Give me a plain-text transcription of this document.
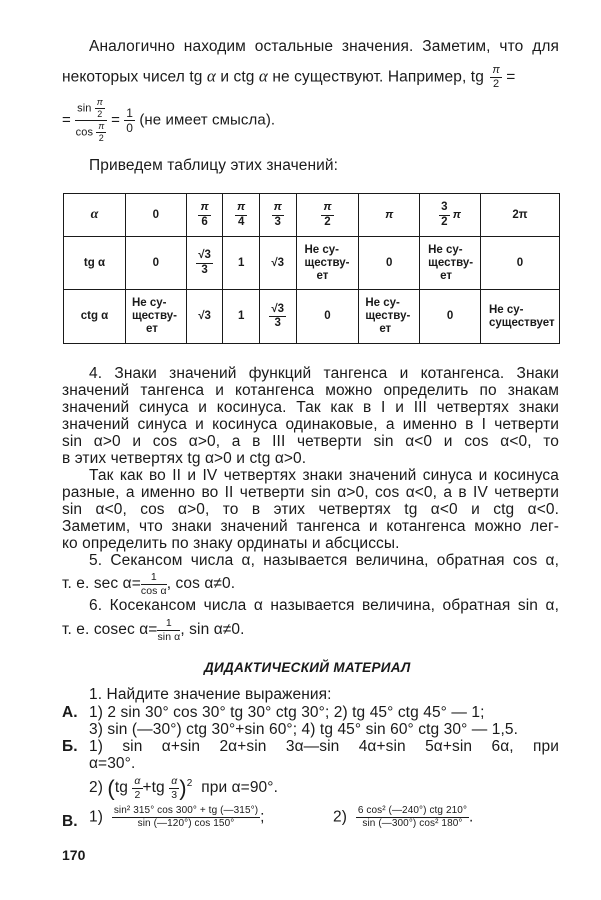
Аналогично находим остальные значения. Заметим, что для
некоторых чисел tg α и ctg α не существуют. Например, tg $\frac{\pi}{2}$ =
= $\frac{\sin \frac{\pi}{2}}{\cos \frac{\pi}{2}} = \frac{1}{0} (не$ имеет смысла).
Приведем таблицу этих значений:
α	0	$\frac{\pi}{6}$	$\frac{\pi}{4}$	$\frac{\pi}{3}$	$\frac{\pi}{2}$	π	$\frac{3}{2}$ π	2π
tg α	0	$\frac{√3}{3}$	1	√3	Не су-
ществу-
ет	0	Не су-
ществу-
ет	0
ctg α	Не су-
ществу-
ет	√3	1	$\frac{√3}{3}$	0	Не су-
ществу-
ет	0	Не су-
существует
4. Знаки значений функций тангенса и котангенса. Знаки
значений тангенса и котангенса можно определить по знакам
значений синуса и косинуса. Так как в I и III четвертях знаки
значений синуса и косинуса одинаковые, а именно в I четверти
sin α>0 и cos α>0, а в III четверти sin α<0 и cos α<0, то
в этих четвертях tg α>0 и ctg α>0.
Так как во II и IV четвертях знаки значений синуса и косинуса
разные, а именно во II четверти sin α>0, cos α<0, а в IV четверти
sin α<0, cos α>0, то в этих четвертях tg α<0 и ctg α<0.
Заметим, что знаки значений тангенса и котангенса можно лег-
ко определить по знаку ординаты и абсциссы.
5. Секансом числа α, называется величина, обратная cos α,
т. е. $\sec \alpha= \frac{1}{\text{cos α}}$ , cos α≠0.
6. Косекансом числа α называется величина, обратная sin α,
т. е. cosec $\alpha= \frac{1}{\text{sin α}}$ , sin α≠0.
ДИДАКТИЧЕСКИЙ МАТЕРИАЛ
1. Найдите значение выражения:
А. 1) 2 sin 30° cos 30° tg 30° ctg 30°; 2) tg 45° ctg 45° — 1;
3) sin (—30°) ctg 30°+sin 60°; 4) tg 45° sin 60° ctg 30° — 1,5.
Б. 1) sin α+sin 2α+sin 3α—sin 4α+sin 5α+sin 6α, при
α=30°.
2) $(tg \frac{\alpha}{2} +tg \frac{\alpha}{3} )^2$ при α=90°.
В. $1) \frac{\text{sin² 315° cos 300° + tg (—315°)}}{\sin (—120^\circ) \cos 150^\circ}$ ;	$2) \frac{\text{6 cos² (—240°) ctg 210°}}{\text{sin (—300°) cos² 180°}}$ .
170
